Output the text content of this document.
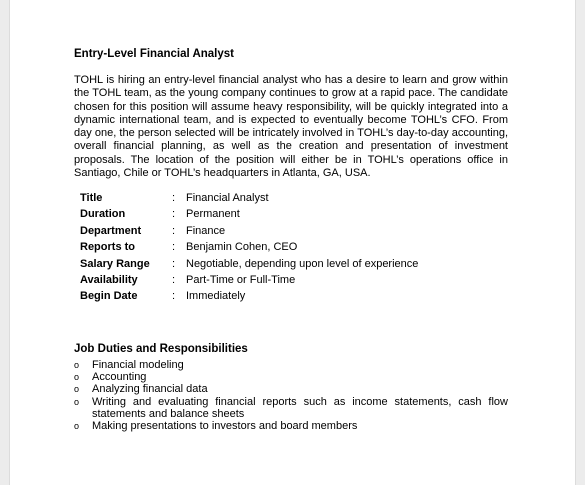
Entry-Level Financial Analyst
TOHL is hiring an entry-level financial analyst who has a desire to learn and grow within the TOHL team, as the young company continues to grow at a rapid pace. The candidate chosen for this position will assume heavy responsibility, will be quickly integrated into a dynamic international team, and is expected to eventually become TOHL’s CFO. From day one, the person selected will be intricately involved in TOHL’s day-to-day accounting, overall financial planning, as well as the creation and presentation of investment proposals. The location of the position will either be in TOHL’s operations office in Santiago, Chile or TOHL’s headquarters in Atlanta, GA, USA.
Title	: Financial Analyst
Duration	: Permanent
Department	: Finance
Reports to	: Benjamin Cohen, CEO
Salary Range : Negotiable, depending upon level of experience
Availability	: Part-Time or Full-Time
Begin Date	: Immediately
Job Duties and Responsibilities
o Financial modeling
o Accounting
o Analyzing financial data
o Writing and evaluating financial reports such as income statements, cash flow statements and balance sheets
o Making presentations to investors and board members
